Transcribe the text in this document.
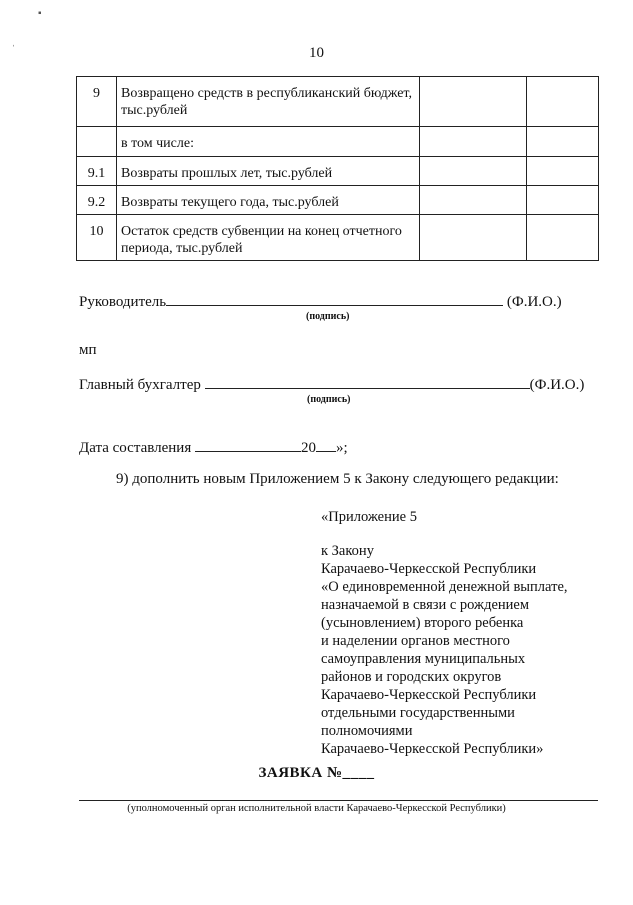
▪
ˌ
10
9	Возвращено средств в республиканский бюджет, тыс.рублей		
	в том числе:		
9.1	Возвраты прошлых лет, тыс.рублей		
9.2	Возвраты текущего года, тыс.рублей		
10	Остаток средств субвенции на конец отчетного периода, тыс.рублей		
Руководитель	(Ф.И.О.)
(подпись)
мп
Главный бухгалтер	(Ф.И.О.)
(подпись)
Дата составления	20 »;
9) дополнить новым Приложением 5 к Закону следующего редакции:
«Приложение 5
к Закону
Карачаево-Черкесской Республики
«О единовременной денежной выплате,
назначаемой в связи с рождением
(усыновлением) второго ребенка
и наделении органов местного
самоуправления муниципальных
районов и городских округов
Карачаево-Черкесской Республики
отдельными государственными
полномочиями
Карачаево-Черкесской Республики»
ЗАЯВКА №____
(уполномоченный орган исполнительной власти Карачаево-Черкесской Республики)
